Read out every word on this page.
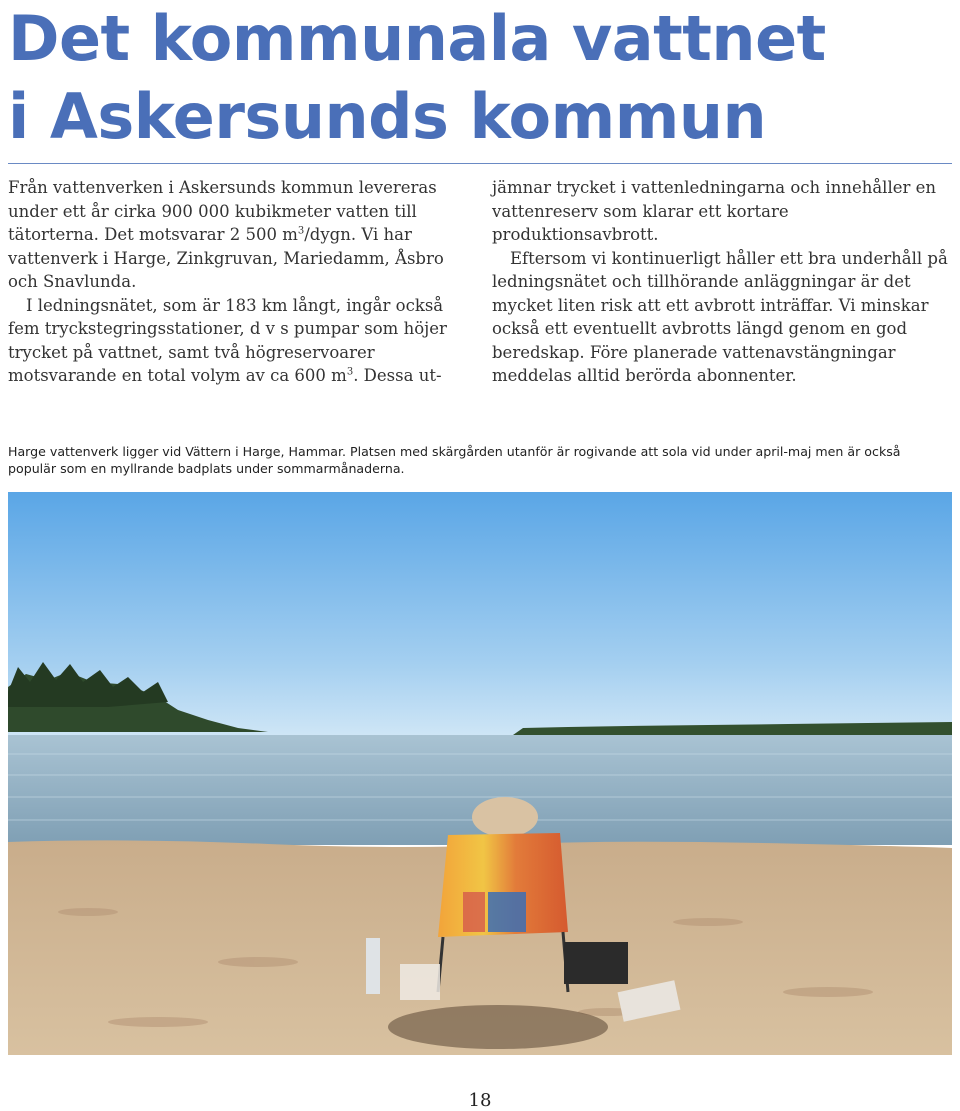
Det kommunala vattnet
i Askersunds kommun

Från vattenverken i Askersunds kommun levereras under ett år cirka 900 000 kubikmeter vatten till tätorterna. Det motsvarar 2 500 $m^3$/dygn. Vi har vattenverk i Harge, Zinkgruvan, Mariedamm, Åsbro och Snavlunda.

I ledningsnätet, som är 183 km långt, ingår också fem tryckstegringsstationer, d v s pumpar som höjer trycket på vattnet, samt två högreservoarer motsvarande en total volym av ca 600 $m^3$. Dessa ut-

jämnar trycket i vattenledningarna och innehåller en vattenreserv som klarar ett kortare produktionsavbrott.

Eftersom vi kontinuerligt håller ett bra underhåll på ledningsnätet och tillhörande anläggningar är det mycket liten risk att ett avbrott inträffar. Vi minskar också ett eventuellt avbrotts längd genom en god beredskap. Före planerade vattenavstängningar meddelas alltid berörda abonnenter.

Harge vattenverk ligger vid Vättern i Harge, Hammar. Platsen med skärgården utanför är rogivande att sola vid under april-maj men är också populär som en myllrande badplats under sommarmånaderna.

18
